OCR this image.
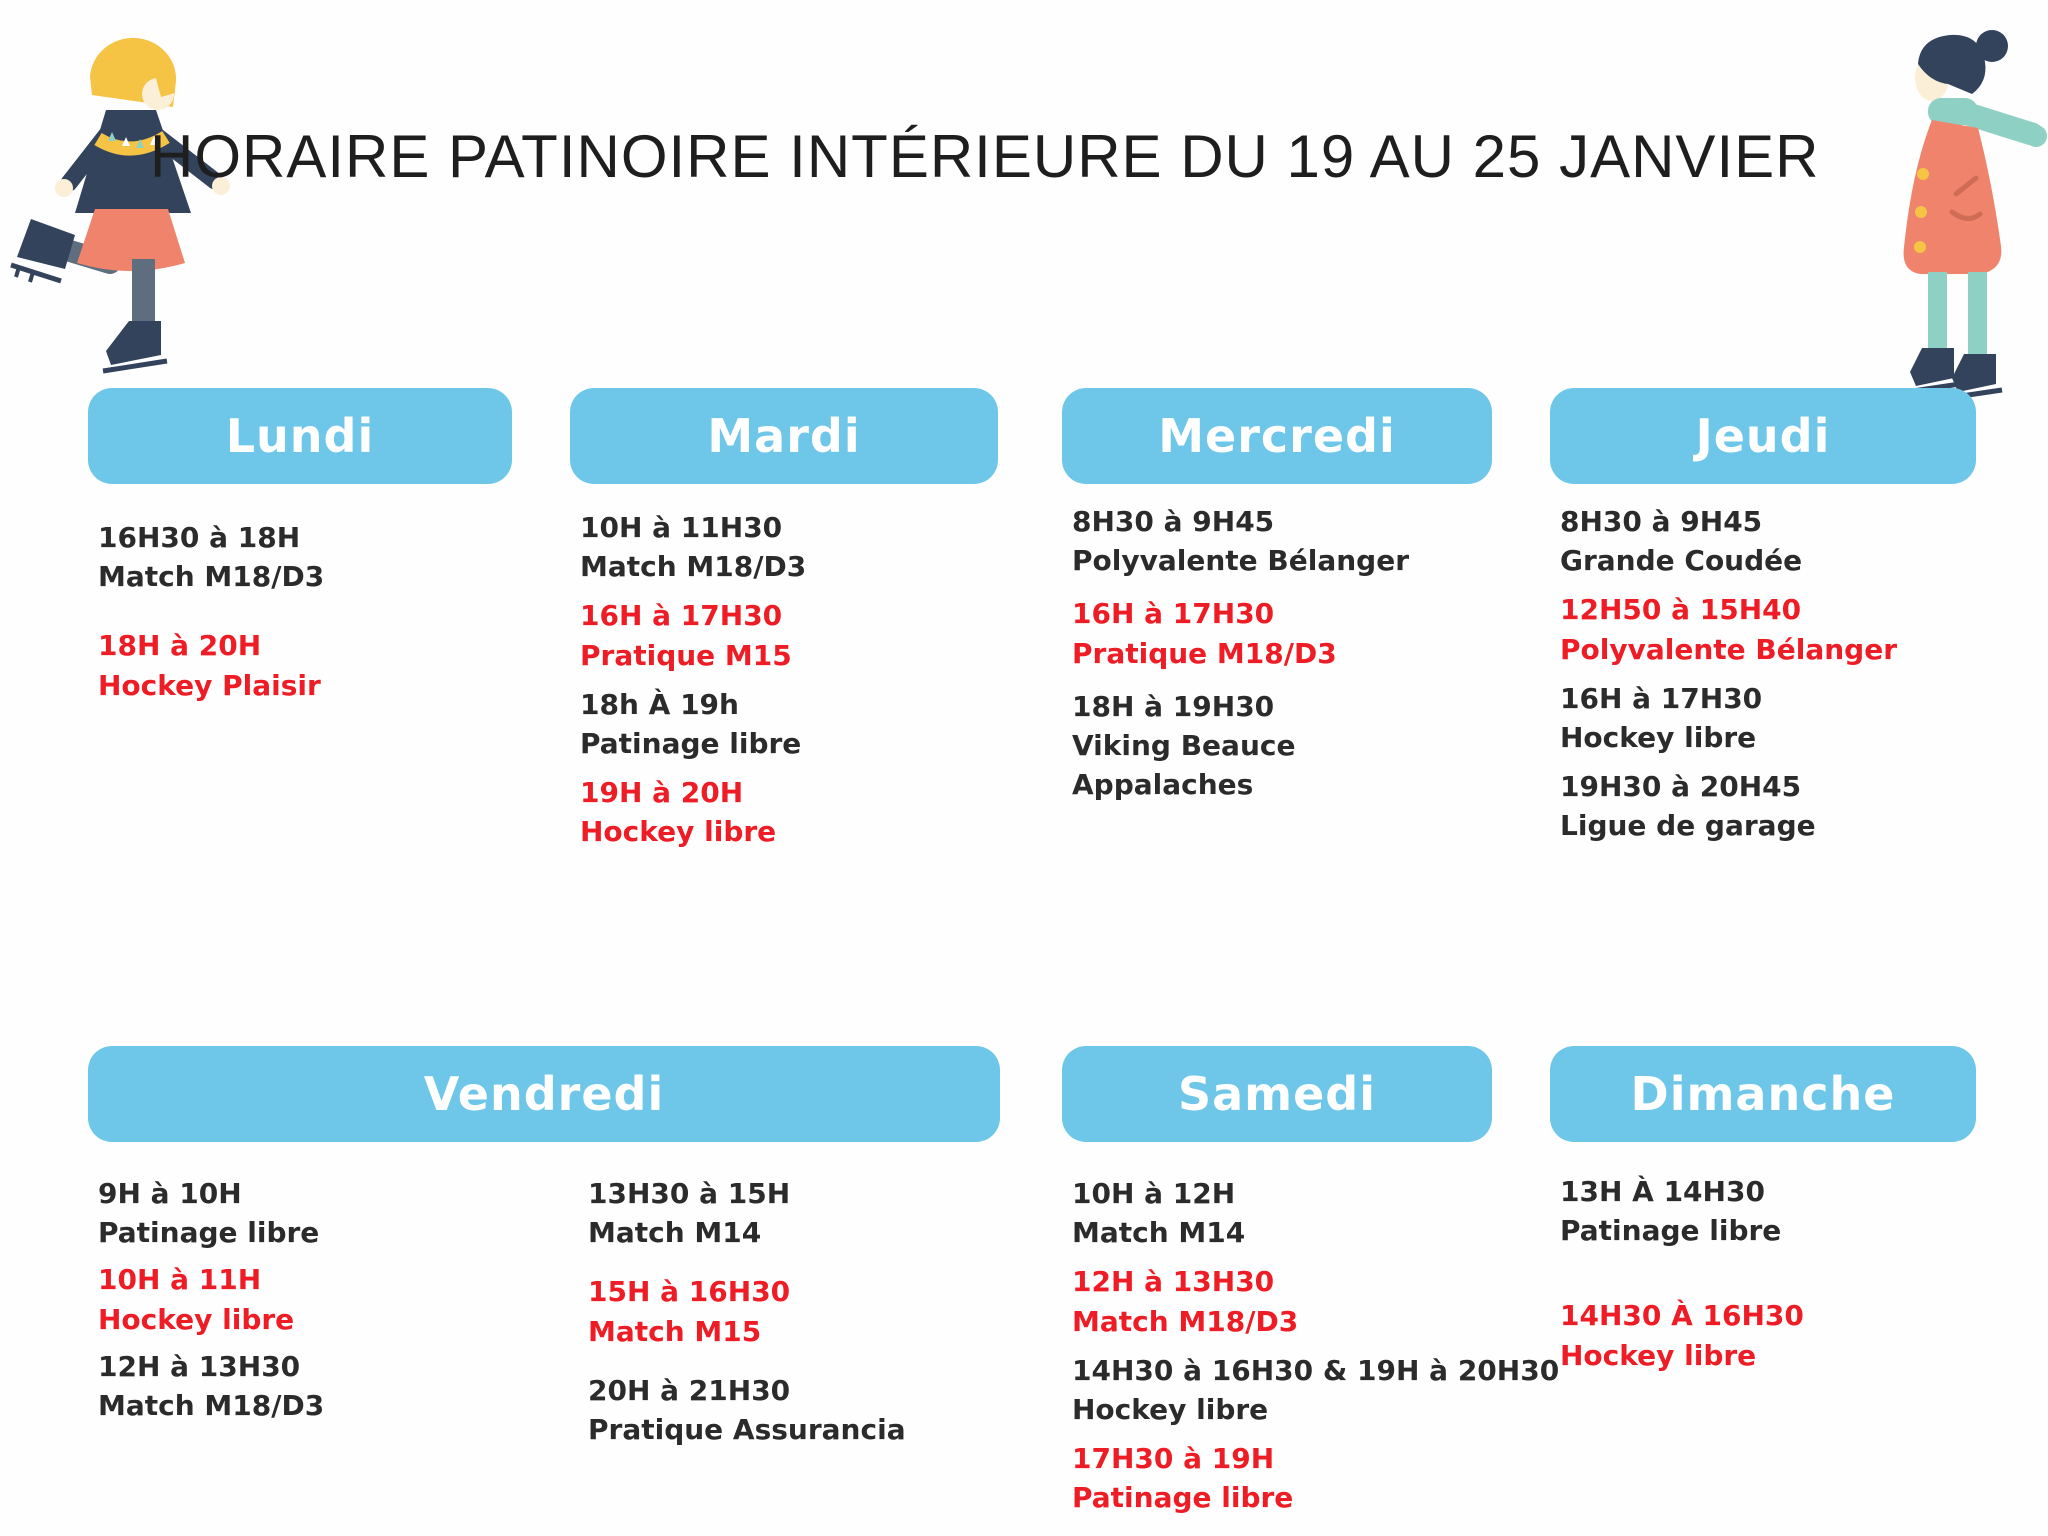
HORAIRE PATINOIRE INTÉRIEURE DU 19 AU 25 JANVIER
Lundi
16H30 à 18H
Match M18/D3
18H à 20H
Hockey Plaisir
Mardi
10H à 11H30
Match M18/D3
16H à 17H30
Pratique M15
18h À 19h
Patinage libre
19H à 20H
Hockey libre
Mercredi
8H30 à 9H45
Polyvalente Bélanger
16H à 17H30
Pratique M18/D3
18H à 19H30
Viking Beauce Appalaches
Jeudi
8H30 à 9H45
Grande Coudée
12H50 à 15H40
Polyvalente Bélanger
16H à 17H30
Hockey libre
19H30 à 20H45
Ligue de garage
Vendredi
9H à 10H
Patinage libre
10H à 11H
Hockey libre
12H à 13H30
Match M18/D3
13H30 à 15H
Match M14
15H à 16H30
Match M15
20H à 21H30
Pratique Assurancia
Samedi
10H à 12H
Match M14
12H à 13H30
Match M18/D3
14H30 à 16H30 & 19H à 20H30
Hockey libre
17H30 à 19H
Patinage libre
Dimanche
13H À 14H30
Patinage libre
14H30 À 16H30
Hockey libre
